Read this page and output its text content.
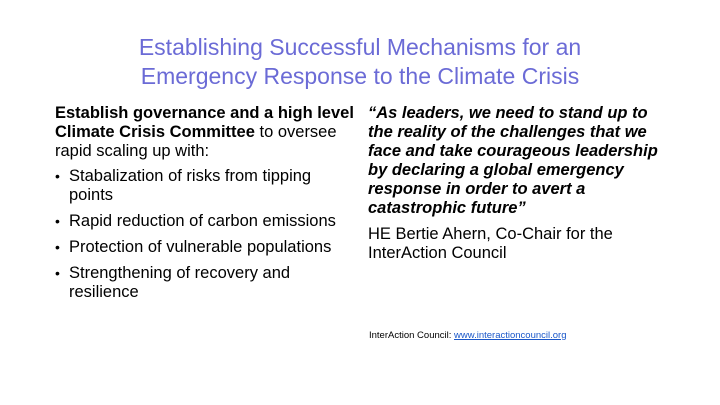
Establishing Successful Mechanisms for an
Emergency Response to the Climate Crisis
Establish governance and a high level Climate Crisis Committee to oversee rapid scaling up with:
• Stabalization of risks from tipping points
• Rapid reduction of carbon emissions
• Protection of vulnerable populations
• Strengthening of recovery and resilience
“As leaders, we need to stand up to the reality of the challenges that we face and take courageous leadership by declaring a global emergency response in order to avert a catastrophic future”
HE Bertie Ahern, Co-Chair for the InterAction Council
InterAction Council: www.interactioncouncil.org
